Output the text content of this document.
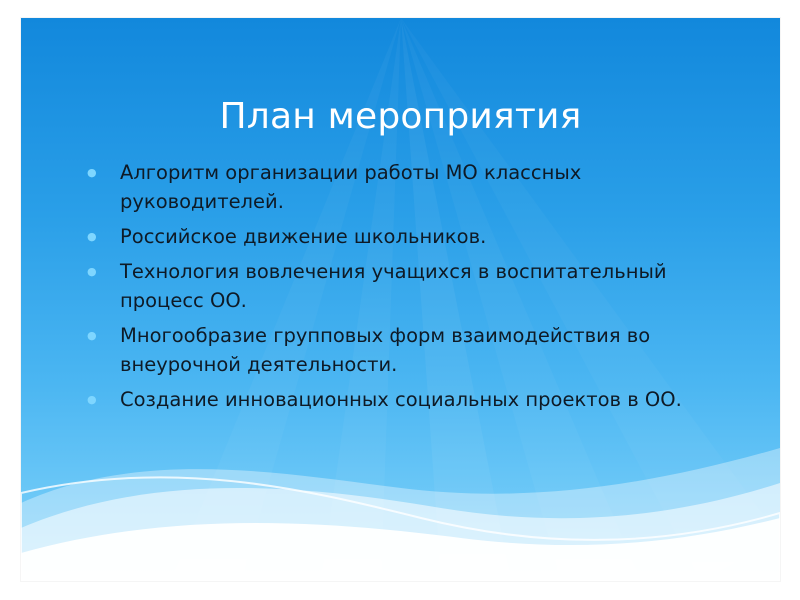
План мероприятия
● Алгоритм организации работы МО классных руководителей.
● Российское движение школьников.
● Технология вовлечения учащихся в воспитательный процесс ОО.
● Многообразие групповых форм взаимодействия во внеурочной деятельности.
● Создание инновационных социальных проектов в ОО.
